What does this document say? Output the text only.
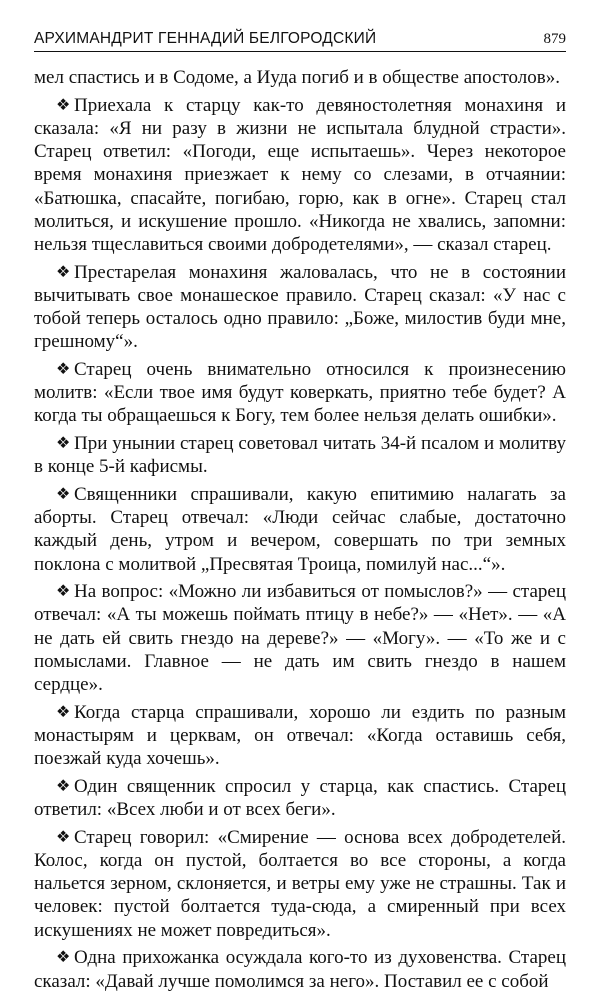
АРХИМАНДРИТ ГЕННАДИЙ БЕЛГОРОДСКИЙ	879

мел спастись и в Содоме, а Иуда погиб и в обществе апостолов».

❖ Приехала к старцу как-то девяностолетняя монахиня и сказала: «Я ни разу в жизни не испытала блудной страсти». Старец ответил: «Погоди, еще испытаешь». Через некоторое время монахиня приезжает к нему со слезами, в отчаянии: «Батюшка, спасайте, погибаю, горю, как в огне». Старец стал молиться, и искушение прошло. «Никогда не хвались, запомни: нельзя тщеславиться своими добродетелями», — сказал старец.

❖ Престарелая монахиня жаловалась, что не в состоянии вычитывать свое монашеское правило. Старец сказал: «У нас с тобой теперь осталось одно правило: „Боже, милостив буди мне, грешному“».

❖ Старец очень внимательно относился к произнесению молитв: «Если твое имя будут коверкать, приятно тебе будет? А когда ты обращаешься к Богу, тем более нельзя делать ошибки».

❖ При унынии старец советовал читать 34-й псалом и молитву в конце 5-й кафисмы.

❖ Священники спрашивали, какую епитимию налагать за аборты. Старец отвечал: «Люди сейчас слабые, достаточно каждый день, утром и вечером, совершать по три земных поклона с молитвой „Пресвятая Троица, помилуй нас...“».

❖ На вопрос: «Можно ли избавиться от помыслов?» — старец отвечал: «А ты можешь поймать птицу в небе?» — «Нет». — «А не дать ей свить гнездо на дереве?» — «Могу». — «То же и с помыслами. Главное — не дать им свить гнездо в нашем сердце».

❖ Когда старца спрашивали, хорошо ли ездить по разным монастырям и церквам, он отвечал: «Когда оставишь себя, поезжай куда хочешь».

❖ Один священник спросил у старца, как спастись. Старец ответил: «Всех люби и от всех беги».

❖ Старец говорил: «Смирение — основа всех добродетелей. Колос, когда он пустой, болтается во все стороны, а когда нальется зерном, склоняется, и ветры ему уже не страшны. Так и человек: пустой болтается туда-сюда, а смиренный при всех искушениях не может повредиться».

❖ Одна прихожанка осуждала кого-то из духовенства. Старец сказал: «Давай лучше помолимся за него». Поставил ее с собой
